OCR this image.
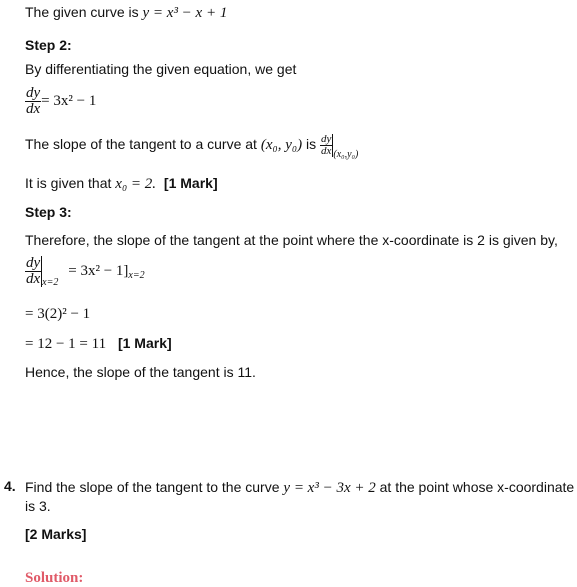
The given curve is y = x³ − x + 1
Step 2:
By differentiating the given equation, we get
$\frac{dy}{dx} = 3x^2 - 1$
The slope of the tangent to a curve at (x₀, y₀) is $\frac{dy}{dx} _{(x_0,y_0)}$
It is given that x₀ = 2. [1 Mark]
Step 3:
Therefore, the slope of the tangent at the point where the x-coordinate is 2 is given by,
$\frac{dy}{dx} _{x=2} = 3x^2 - 1]_{x=2}$
= 3(2)² − 1
= 12 − 1 = 11 [1 Mark]
Hence, the slope of the tangent is 11.
4. Find the slope of the tangent to the curve y = x³ − 3x + 2 at the point whose x-coordinate
is 3.
[2 Marks]
Solution:
